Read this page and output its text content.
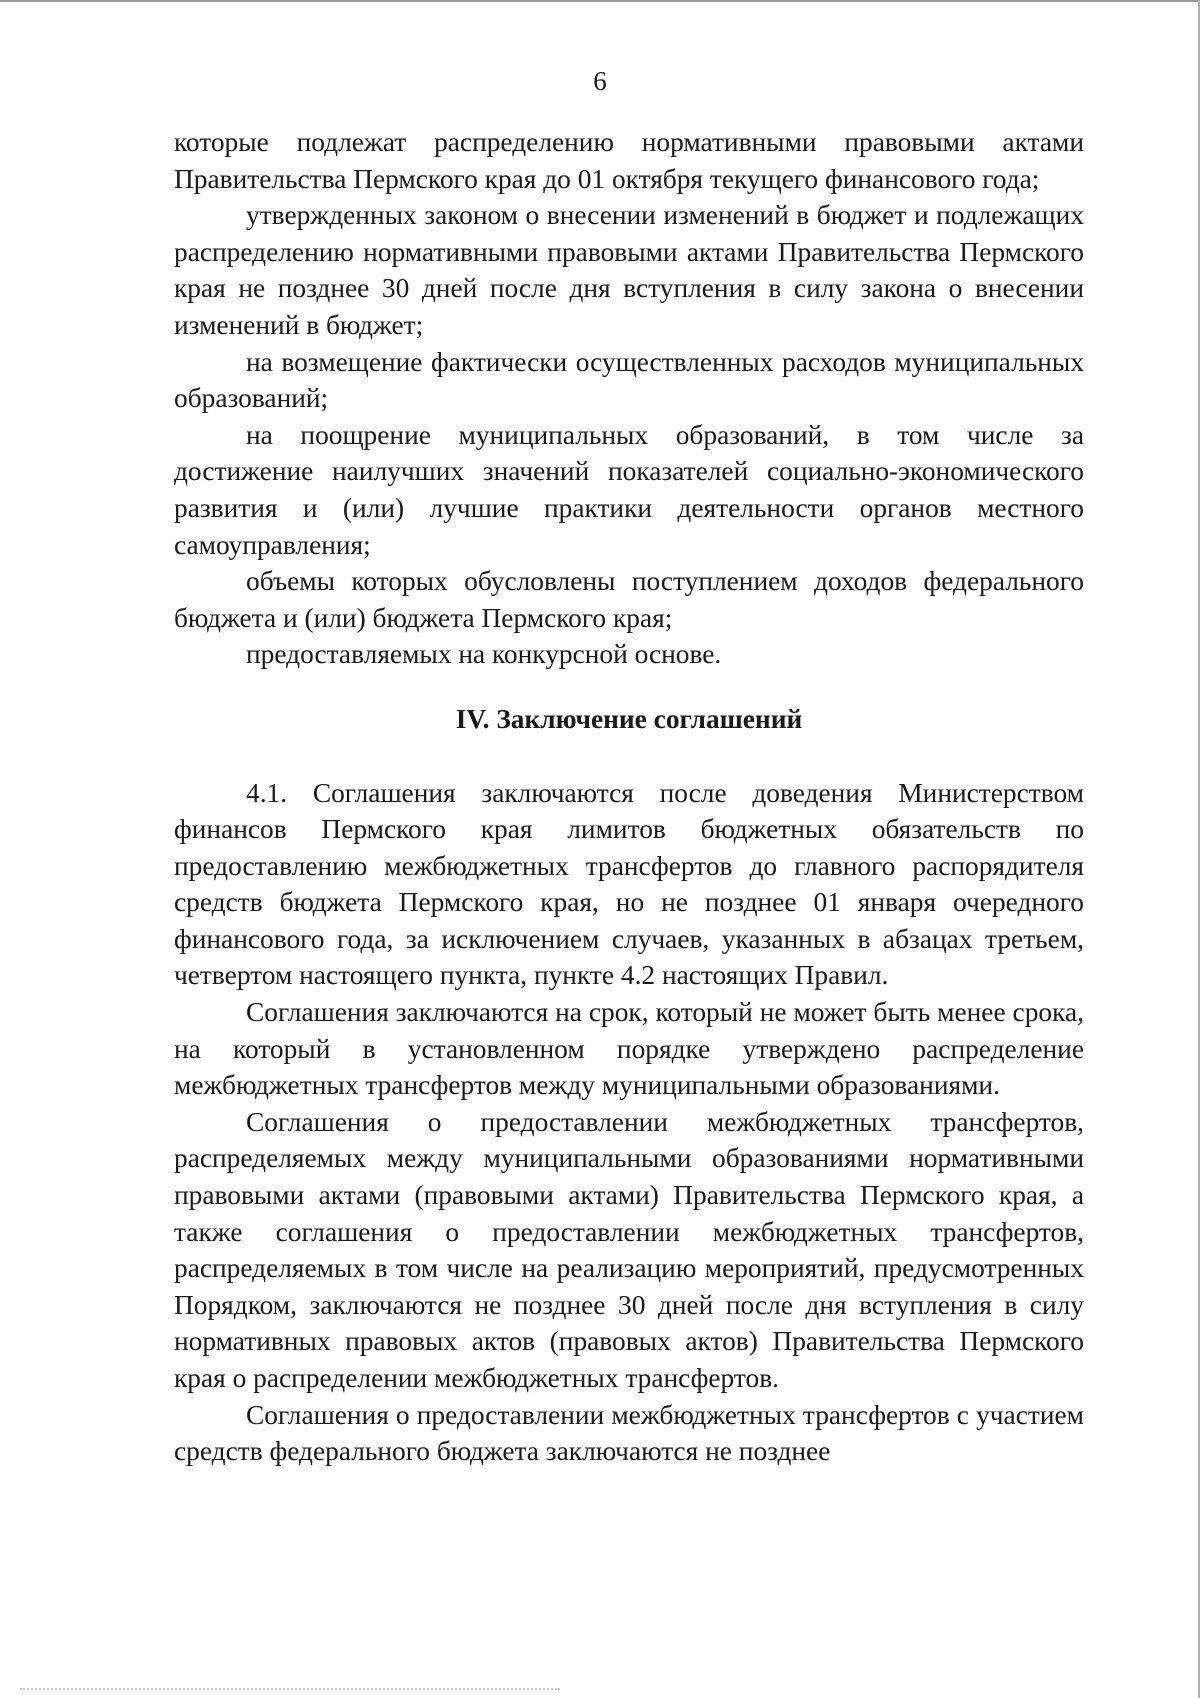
6

которые подлежат распределению нормативными правовыми актами Правительства Пермского края до 01 октября текущего финансового года;

утвержденных законом о внесении изменений в бюджет и подлежащих распределению нормативными правовыми актами Правительства Пермского края не позднее 30 дней после дня вступления в силу закона о внесении изменений в бюджет;

на возмещение фактически осуществленных расходов муниципальных образований;

на поощрение муниципальных образований, в том числе за достижение наилучших значений показателей социально-экономического развития и (или) лучшие практики деятельности органов местного самоуправления;

объемы которых обусловлены поступлением доходов федерального бюджета и (или) бюджета Пермского края;

предоставляемых на конкурсной основе.

IV. Заключение соглашений

4.1. Соглашения заключаются после доведения Министерством финансов Пермского края лимитов бюджетных обязательств по предоставлению межбюджетных трансфертов до главного распорядителя средств бюджета Пермского края, но не позднее 01 января очередного финансового года, за исключением случаев, указанных в абзацах третьем, четвертом настоящего пункта, пункте 4.2 настоящих Правил.

Соглашения заключаются на срок, который не может быть менее срока, на который в установленном порядке утверждено распределение межбюджетных трансфертов между муниципальными образованиями.

Соглашения о предоставлении межбюджетных трансфертов, распределяемых между муниципальными образованиями нормативными правовыми актами (правовыми актами) Правительства Пермского края, а также соглашения о предоставлении межбюджетных трансфертов, распределяемых в том числе на реализацию мероприятий, предусмотренных Порядком, заключаются не позднее 30 дней после дня вступления в силу нормативных правовых актов (правовых актов) Правительства Пермского края о распределении межбюджетных трансфертов.

Соглашения о предоставлении межбюджетных трансфертов с участием средств федерального бюджета заключаются не позднее
